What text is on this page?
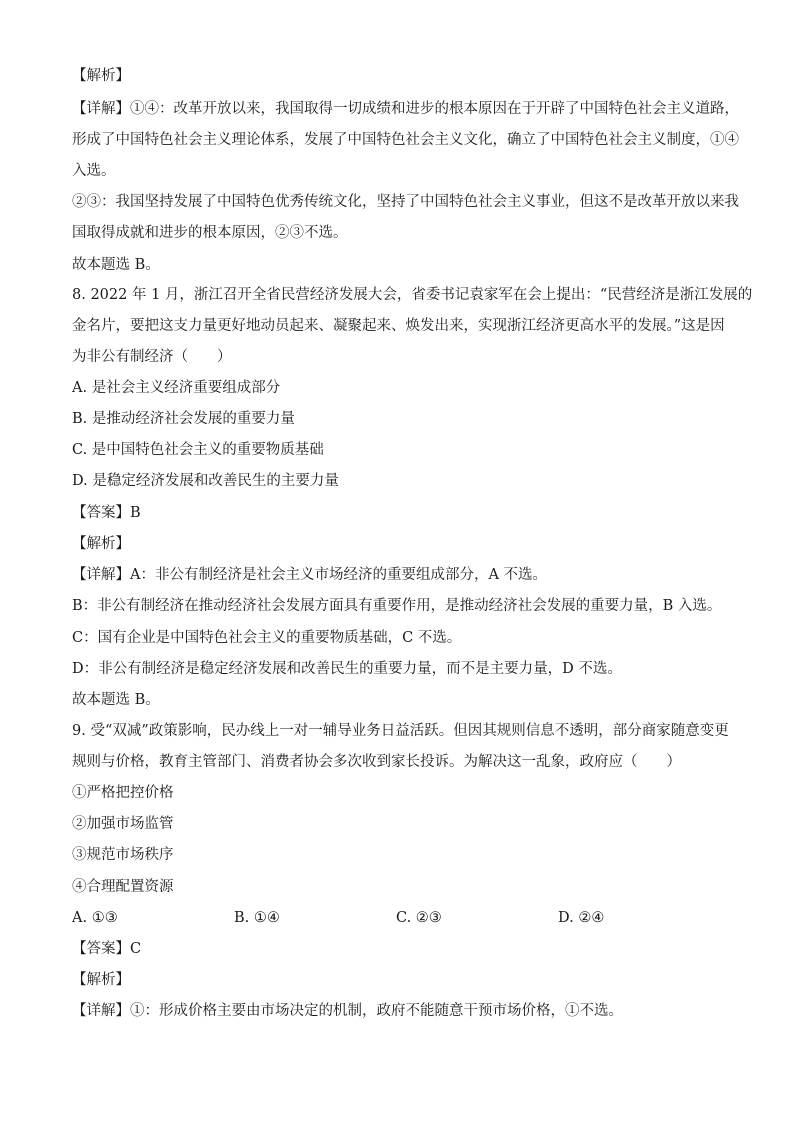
【解析】
【详解】①④：改革开放以来，我国取得一切成绩和进步的根本原因在于开辟了中国特色社会主义道路，
形成了中国特色社会主义理论体系，发展了中国特色社会主义文化，确立了中国特色社会主义制度，①④
入选。
②③：我国坚持发展了中国特色优秀传统文化，坚持了中国特色社会主义事业，但这不是改革开放以来我
国取得成就和进步的根本原因，②③不选。
故本题选 B。
8. 2022 年 1 月，浙江召开全省民营经济发展大会，省委书记袁家军在会上提出：“民营经济是浙江发展的
金名片，要把这支力量更好地动员起来、凝聚起来、焕发出来，实现浙江经济更高水平的发展。”这是因
为非公有制经济（　　）
A. 是社会主义经济重要组成部分
B. 是推动经济社会发展的重要力量
C. 是中国特色社会主义的重要物质基础
D. 是稳定经济发展和改善民生的主要力量
【答案】B
【解析】
【详解】A：非公有制经济是社会主义市场经济的重要组成部分，A 不选。
B：非公有制经济在推动经济社会发展方面具有重要作用，是推动经济社会发展的重要力量，B 入选。
C：国有企业是中国特色社会主义的重要物质基础，C 不选。
D：非公有制经济是稳定经济发展和改善民生的重要力量，而不是主要力量，D 不选。
故本题选 B。
9. 受“双减”政策影响，民办线上一对一辅导业务日益活跃。但因其规则信息不透明，部分商家随意变更
规则与价格，教育主管部门、消费者协会多次收到家长投诉。为解决这一乱象，政府应（　　）
①严格把控价格
②加强市场监管
③规范市场秩序
④合理配置资源
A. ①③	B. ①④	C. ②③	D. ②④
【答案】C
【解析】
【详解】①：形成价格主要由市场决定的机制，政府不能随意干预市场价格，①不选。
